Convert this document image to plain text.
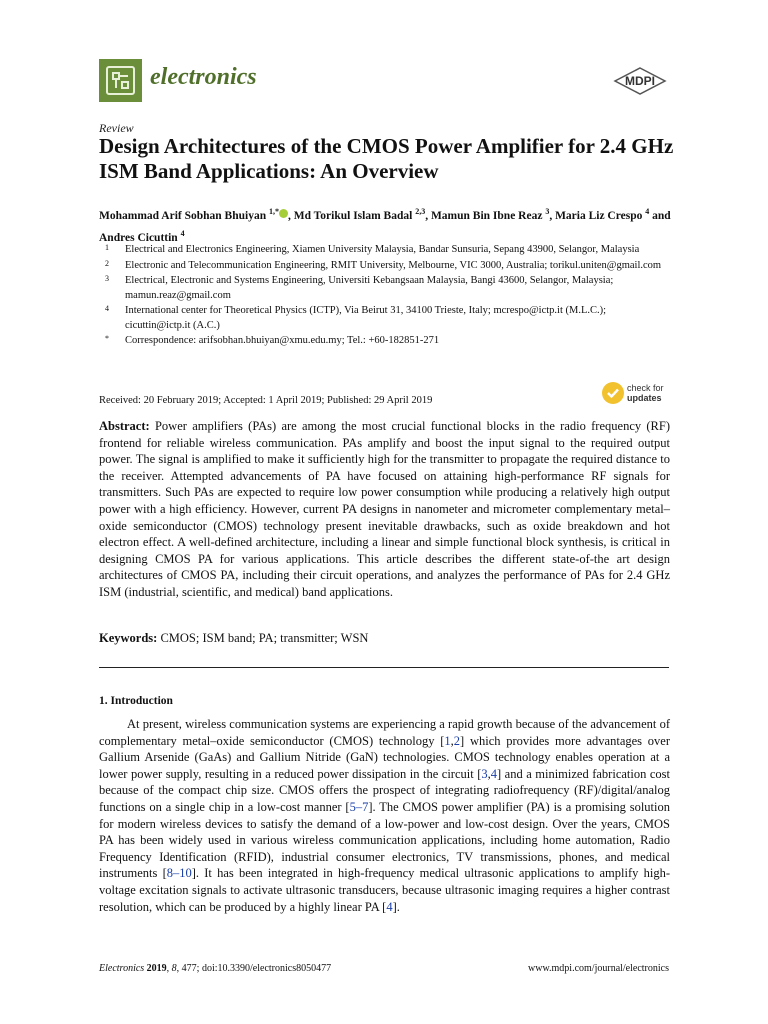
electronics	MDPI
Review
Design Architectures of the CMOS Power Amplifier for 2.4 GHz ISM Band Applications: An Overview
Mohammad Arif Sobhan Bhuiyan $^{1,*}$ , Md Torikul Islam Badal $^{2,3}$, Mamun Bin Ibne Reaz $^3$, Maria Liz Crespo $^4$ and Andres Cicuttin $^4$
1 Electrical and Electronics Engineering, Xiamen University Malaysia, Bandar Sunsuria, Sepang 43900, Selangor, Malaysia
2 Electronic and Telecommunication Engineering, RMIT University, Melbourne, VIC 3000, Australia; torikul.uniten@gmail.com
3 Electrical, Electronic and Systems Engineering, Universiti Kebangsaan Malaysia, Bangi 43600, Selangor, Malaysia; mamun.reaz@gmail.com
4 International center for Theoretical Physics (ICTP), Via Beirut 31, 34100 Trieste, Italy; mcrespo@ictp.it (M.L.C.); cicuttin@ictp.it (A.C.)
* Correspondence: arifsobhan.bhuiyan@xmu.edu.my; Tel.: +60-182851-271
Received: 20 February 2019; Accepted: 1 April 2019; Published: 29 April 2019
check for
updates
Abstract: Power amplifiers (PAs) are among the most crucial functional blocks in the radio frequency (RF) frontend for reliable wireless communication. PAs amplify and boost the input signal to the required output power. The signal is amplified to make it sufficiently high for the transmitter to propagate the required distance to the receiver. Attempted advancements of PA have focused on attaining high-performance RF signals for transmitters. Such PAs are expected to require low power consumption while producing a relatively high output power with a high efficiency. However, current PA designs in nanometer and micrometer complementary metal–oxide semiconductor (CMOS) technology present inevitable drawbacks, such as oxide breakdown and hot electron effect. A well-defined architecture, including a linear and simple functional block synthesis, is critical in designing CMOS PA for various applications. This article describes the different state-of-the art design architectures of CMOS PA, including their circuit operations, and analyzes the performance of PAs for 2.4 GHz ISM (industrial, scientific, and medical) band applications.
Keywords: CMOS; ISM band; PA; transmitter; WSN
1. Introduction
At present, wireless communication systems are experiencing a rapid growth because of the advancement of complementary metal–oxide semiconductor (CMOS) technology [1,2] which provides more advantages over Gallium Arsenide (GaAs) and Gallium Nitride (GaN) technologies. CMOS technology enables operation at a lower power supply, resulting in a reduced power dissipation in the circuit [3,4] and a minimized fabrication cost because of the compact chip size. CMOS offers the prospect of integrating radiofrequency (RF)/digital/analog functions on a single chip in a low-cost manner [5–7]. The CMOS power amplifier (PA) is a promising solution for modern wireless devices to satisfy the demand of a low-power and low-cost design. Over the years, CMOS PA has been widely used in various wireless communication applications, including home automation, Radio Frequency Identification (RFID), industrial consumer electronics, TV transmissions, phones, and medical instruments [8–10]. It has been integrated in high-frequency medical ultrasonic applications to amplify high-voltage excitation signals to activate ultrasonic transducers, because ultrasonic imaging requires a higher contrast resolution, which can be produced by a highly linear PA [4].
Electronics 2019, 8, 477; doi:10.3390/electronics8050477	www.mdpi.com/journal/electronics
